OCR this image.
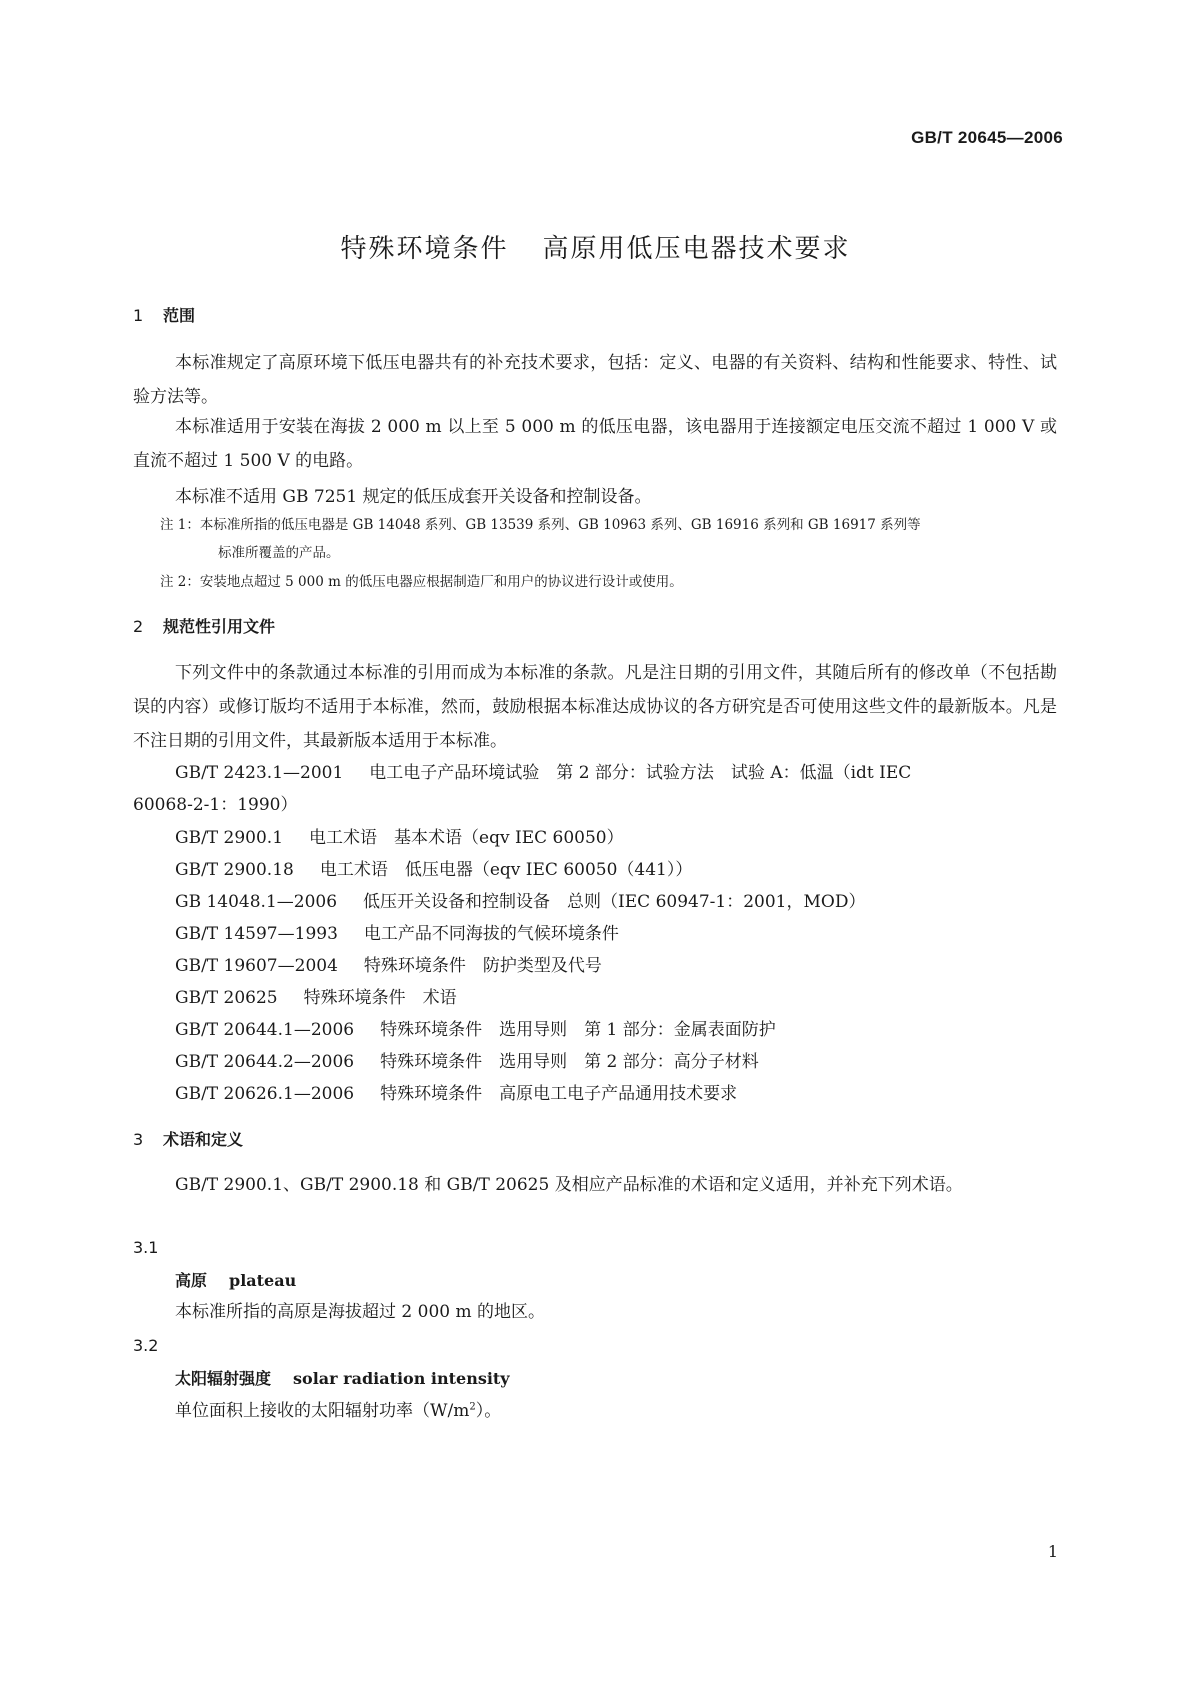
GB/T 20645—2006
特殊环境条件 高原用低压电器技术要求
1 范围
本标准规定了高原环境下低压电器共有的补充技术要求，包括：定义、电器的有关资料、结构和性能要求、特性、试验方法等。
本标准适用于安装在海拔 2 000 m 以上至 5 000 m 的低压电器，该电器用于连接额定电压交流不超过 1 000 V 或直流不超过 1 500 V 的电路。
本标准不适用 GB 7251 规定的低压成套开关设备和控制设备。
注 1：本标准所指的低压电器是 GB 14048 系列、GB 13539 系列、GB 10963 系列、GB 16916 系列和 GB 16917 系列等
标准所覆盖的产品。
注 2：安装地点超过 5 000 m 的低压电器应根据制造厂和用户的协议进行设计或使用。
2 规范性引用文件
下列文件中的条款通过本标准的引用而成为本标准的条款。凡是注日期的引用文件，其随后所有的修改单（不包括勘误的内容）或修订版均不适用于本标准，然而，鼓励根据本标准达成协议的各方研究是否可使用这些文件的最新版本。凡是不注日期的引用文件，其最新版本适用于本标准。
GB/T 2423.1—2001 电工电子产品环境试验　第 2 部分：试验方法　试验 A：低温（idt IEC
60068-2-1：1990）
GB/T 2900.1 电工术语　基本术语（eqv IEC 60050）
GB/T 2900.18 电工术语　低压电器（eqv IEC 60050（441））
GB 14048.1—2006 低压开关设备和控制设备　总则（IEC 60947-1：2001，MOD）
GB/T 14597—1993 电工产品不同海拔的气候环境条件
GB/T 19607—2004 特殊环境条件　防护类型及代号
GB/T 20625 特殊环境条件　术语
GB/T 20644.1—2006 特殊环境条件　选用导则　第 1 部分：金属表面防护
GB/T 20644.2—2006 特殊环境条件　选用导则　第 2 部分：高分子材料
GB/T 20626.1—2006 特殊环境条件　高原电工电子产品通用技术要求
3 术语和定义
GB/T 2900.1、GB/T 2900.18 和 GB/T 20625 及相应产品标准的术语和定义适用，并补充下列术语。
3.1
高原 plateau
本标准所指的高原是海拔超过 2 000 m 的地区。
3.2
太阳辐射强度 solar radiation intensity
单位面积上接收的太阳辐射功率$(W/m^2)$。
1
